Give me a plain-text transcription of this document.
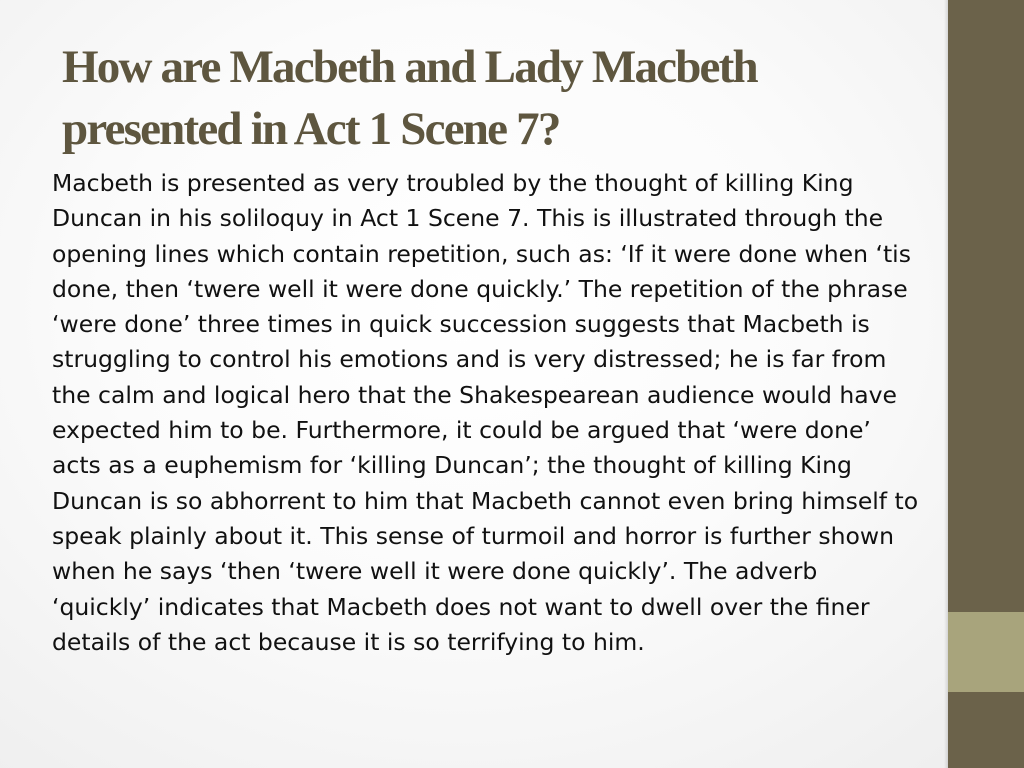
How are Macbeth and Lady Macbeth presented in Act 1 Scene 7?

Macbeth is presented as very troubled by the thought of killing King Duncan in his soliloquy in Act 1 Scene 7. This is illustrated through the opening lines which contain repetition, such as: ‘If it were done when ‘tis done, then ‘twere well it were done quickly.’ The repetition of the phrase ‘were done’ three times in quick succession suggests that Macbeth is struggling to control his emotions and is very distressed; he is far from the calm and logical hero that the Shakespearean audience would have expected him to be. Furthermore, it could be argued that ‘were done’ acts as a euphemism for ‘killing Duncan’; the thought of killing King Duncan is so abhorrent to him that Macbeth cannot even bring himself to speak plainly about it. This sense of turmoil and horror is further shown when he says ‘then ‘twere well it were done quickly’. The adverb ‘quickly’ indicates that Macbeth does not want to dwell over the finer details of the act because it is so terrifying to him.
